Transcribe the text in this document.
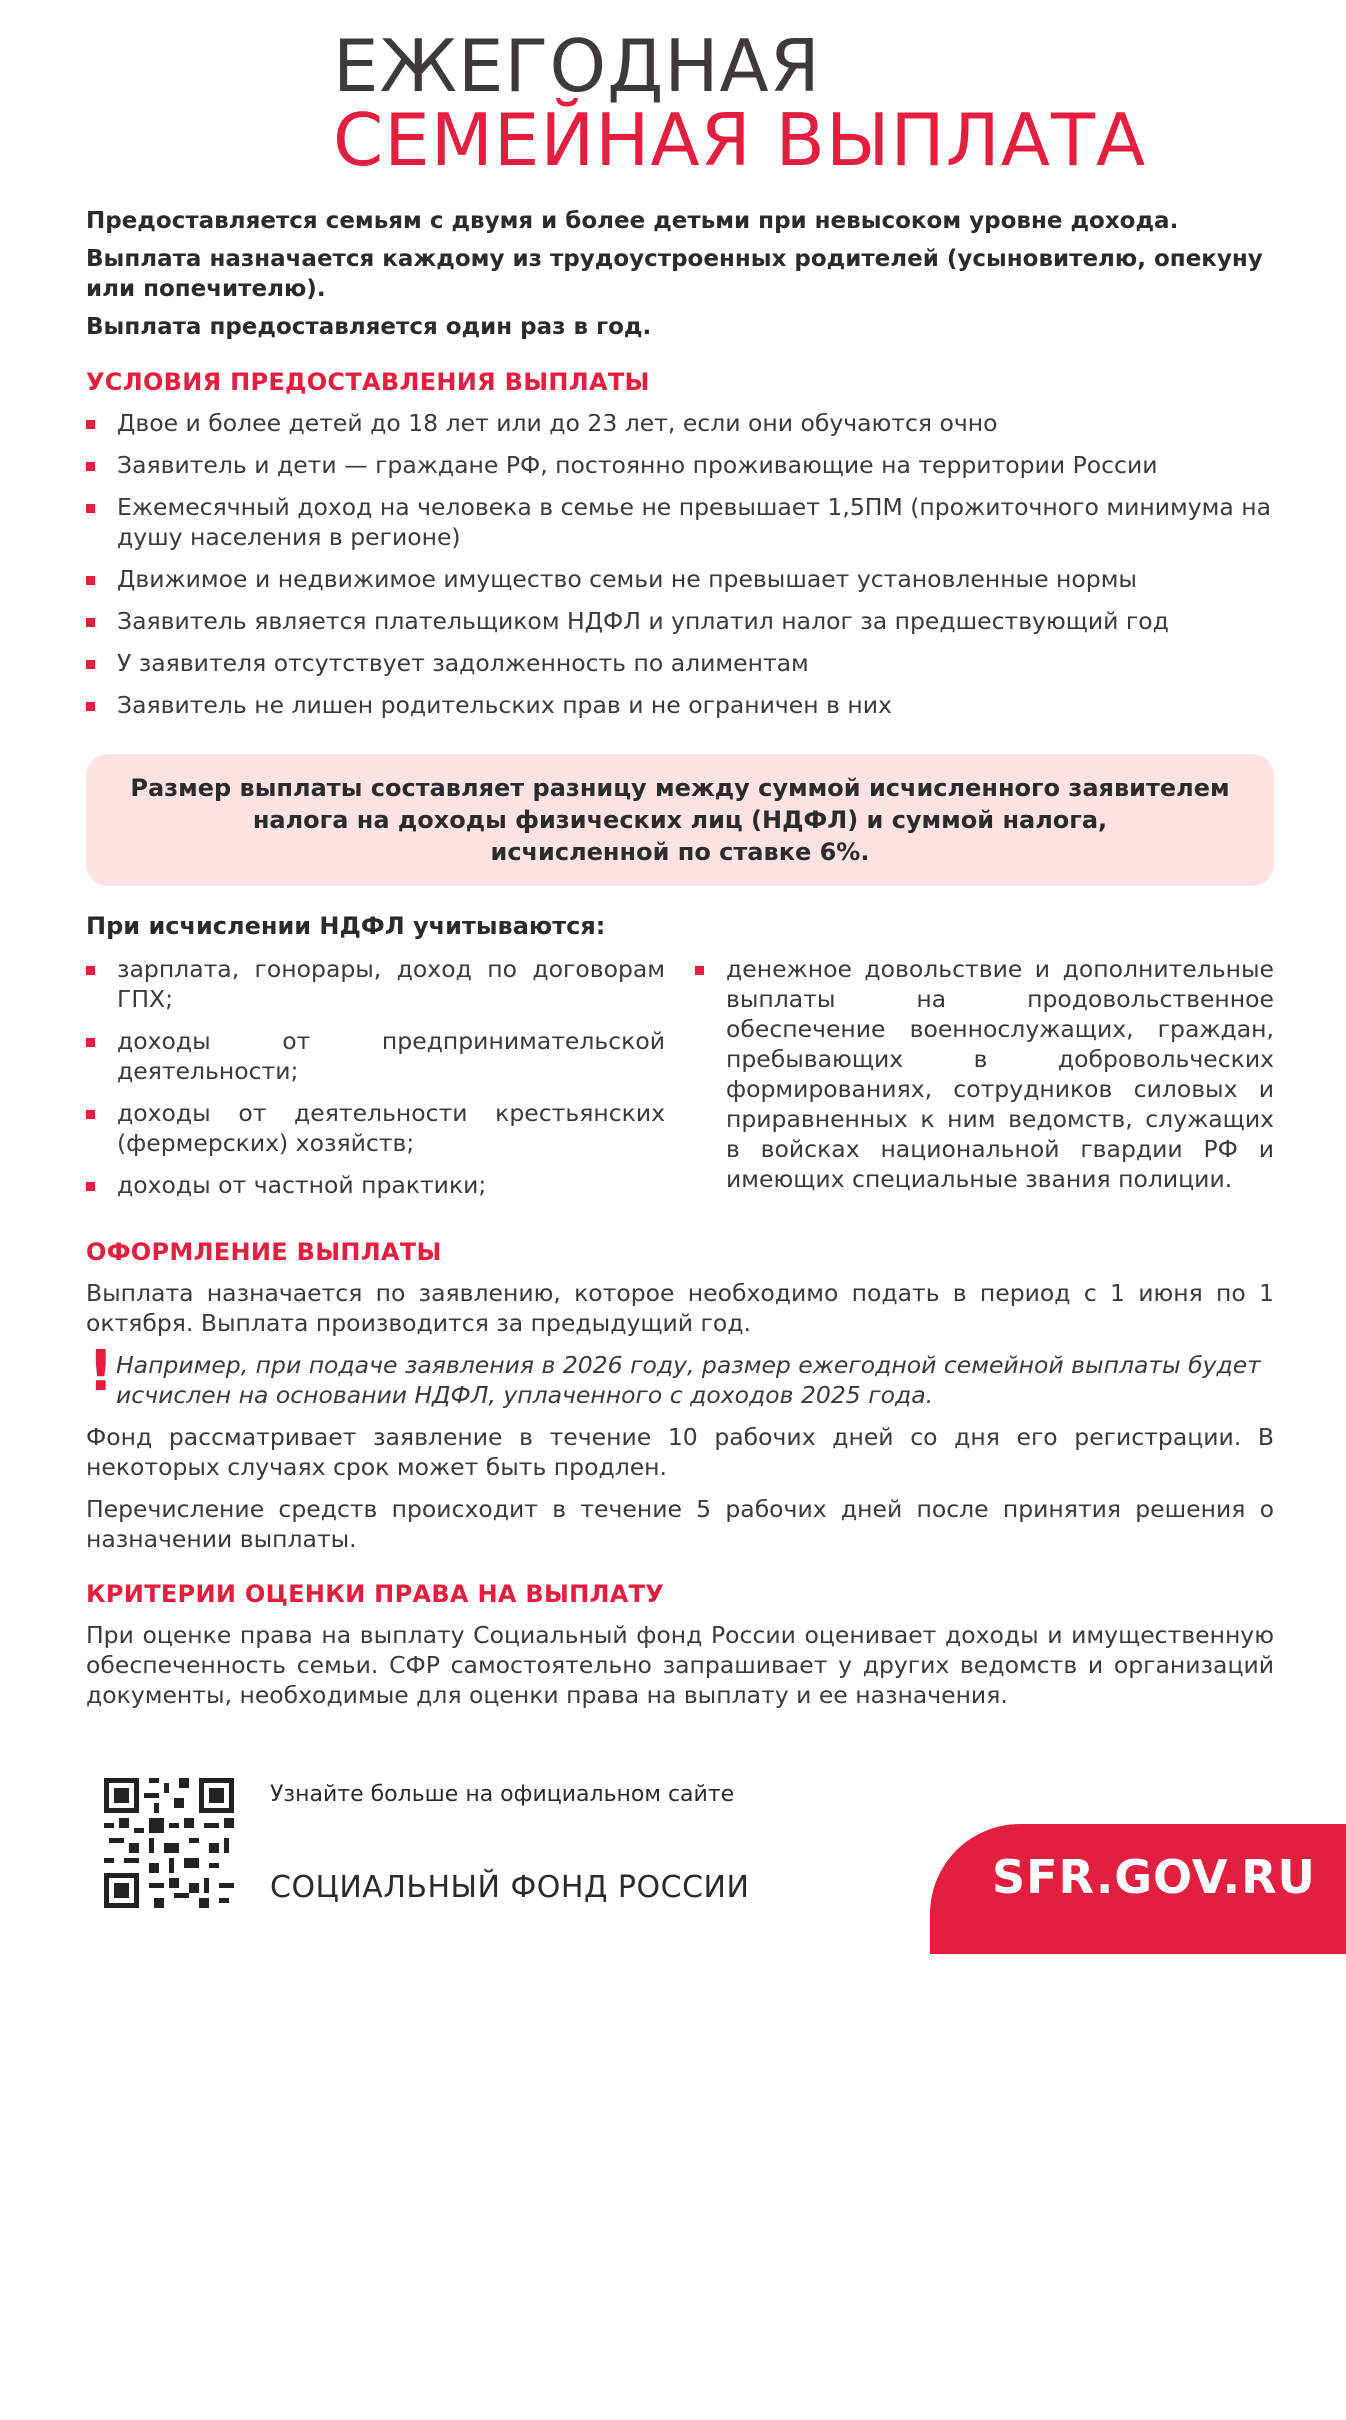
ЕЖЕГОДНАЯ
СЕМЕЙНАЯ ВЫПЛАТА

Предоставляется семьям с двумя и более детьми при невысоком уровне дохода.

Выплата назначается каждому из трудоустроенных родителей (усыновителю, опекуну или попечителю).

Выплата предоставляется один раз в год.

УСЛОВИЯ ПРЕДОСТАВЛЕНИЯ ВЫПЛАТЫ
Двое и более детей до 18 лет или до 23 лет, если они обучаются очно
Заявитель и дети — граждане РФ, постоянно проживающие на территории России
Ежемесячный доход на человека в семье не превышает 1,5ПМ (прожиточного минимума на душу населения в регионе)
Движимое и недвижимое имущество семьи не превышает установленные нормы
Заявитель является плательщиком НДФЛ и уплатил налог за предшествующий год
У заявителя отсутствует задолженность по алиментам
Заявитель не лишен родительских прав и не ограничен в них
Размер выплаты составляет разницу между суммой исчисленного заявителем
налога на доходы физических лиц (НДФЛ) и суммой налога,
исчисленной по ставке 6%.
При исчислении НДФЛ учитываются:
зарплата, гонорары, доход по договорам ГПХ;
доходы от предпринимательской деятельности;
доходы от деятельности крестьянских (фермерских) хозяйств;
доходы от частной практики;
денежное довольствие и дополнительные выплаты на продовольственное обеспечение военнослужащих, граждан, пребывающих в добровольческих формированиях, сотрудников силовых и приравненных к ним ведомств, служащих в войсках национальной гвардии РФ и имеющих специальные звания полиции.
ОФОРМЛЕНИЕ ВЫПЛАТЫ

Выплата назначается по заявлению, которое необходимо подать в период с 1 июня по 1 октября. Выплата производится за предыдущий год.

! Например, при подаче заявления в 2026 году, размер ежегодной семейной выплаты будет исчислен на основании НДФЛ, уплаченного с доходов 2025 года.

Фонд рассматривает заявление в течение 10 рабочих дней со дня его регистрации. В некоторых случаях срок может быть продлен.

Перечисление средств происходит в течение 5 рабочих дней после принятия решения о назначении выплаты.

КРИТЕРИИ ОЦЕНКИ ПРАВА НА ВЫПЛАТУ

При оценке права на выплату Социальный фонд России оценивает доходы и имущественную обеспеченность семьи. СФР самостоятельно запрашивает у других ведомств и организаций документы, необходимые для оценки права на выплату и ее назначения.

Узнайте больше на официальном сайте
СОЦИАЛЬНЫЙ ФОНД РОССИИ	SFR.GOV.RU
